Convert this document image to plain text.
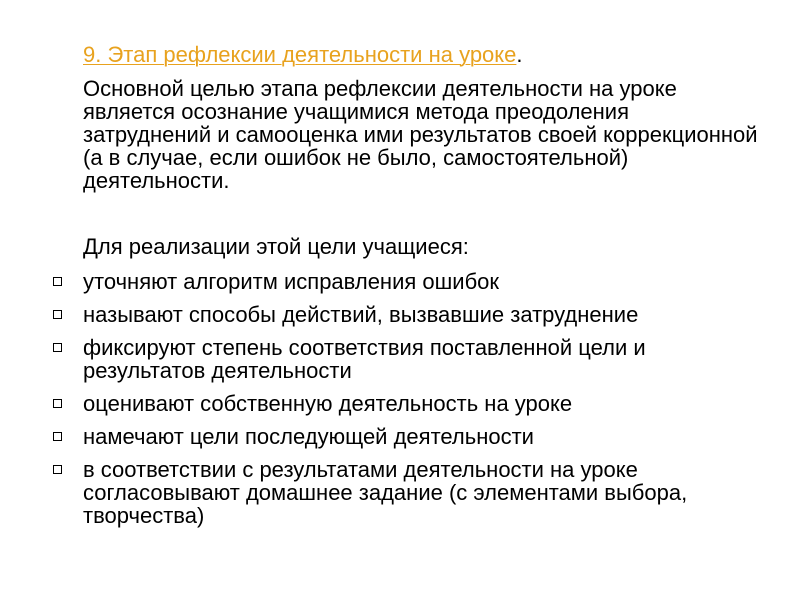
9. Этап рефлексии деятельности на уроке.

Основной целью этапа рефлексии деятельности на уроке является осознание учащимися метода преодоления затруднений и самооценка ими результатов своей коррекционной (а в случае, если ошибок не было, самостоятельной) деятельности.

Для реализации этой цели учащиеся:

уточняют алгоритм исправления ошибок
называют способы действий, вызвавшие затруднение
фиксируют степень соответствия поставленной цели и результатов деятельности
оценивают собственную деятельность на уроке
намечают цели последующей деятельности
в соответствии с результатами деятельности на уроке согласовывают домашнее задание (с элементами выбора, творчества)
